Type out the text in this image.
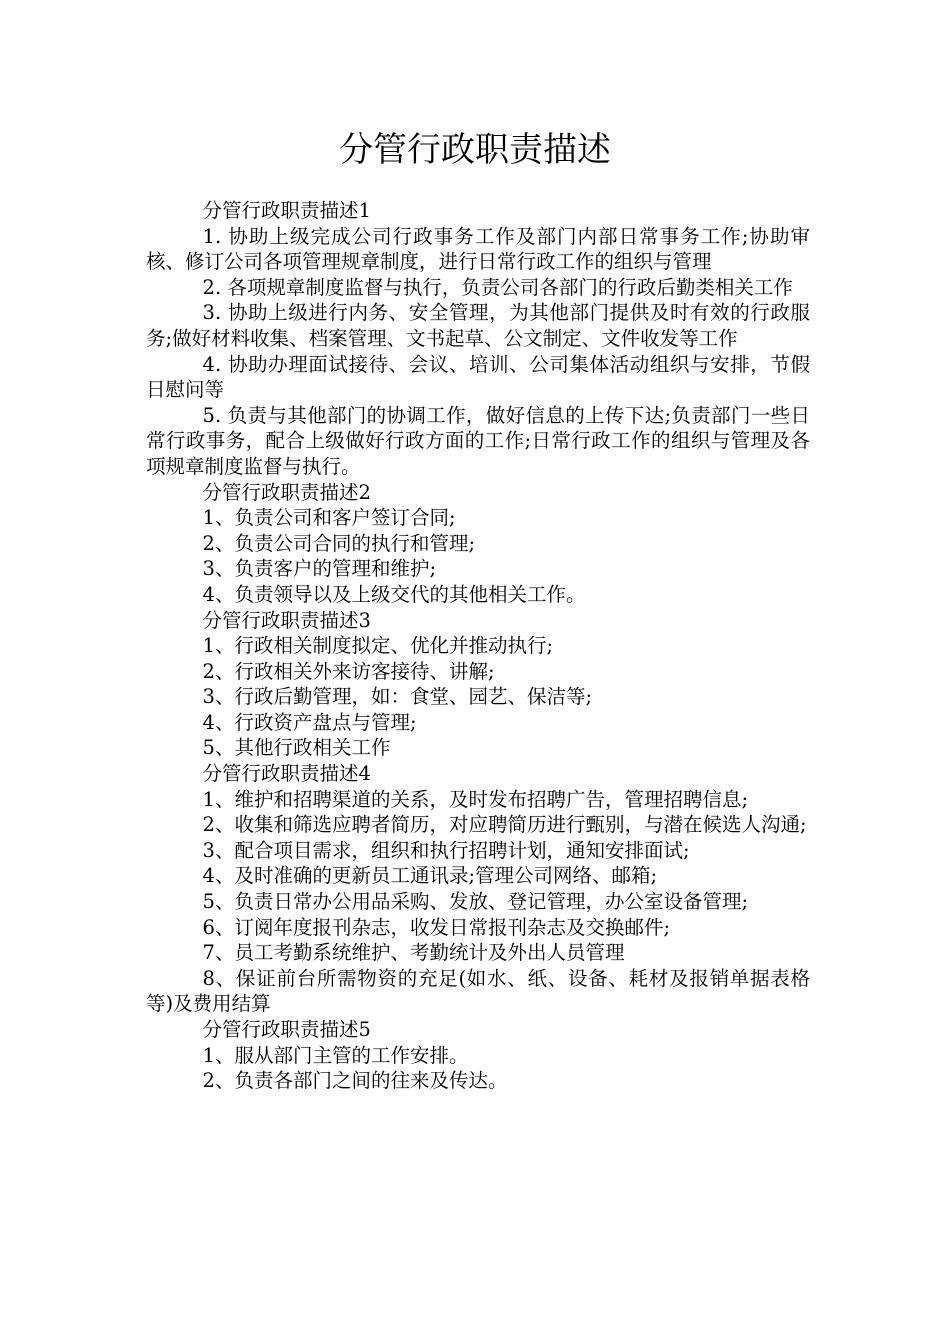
分管行政职责描述

分管行政职责描述1

1. 协助上级完成公司行政事务工作及部门内部日常事务工作;协助审核、修订公司各项管理规章制度，进行日常行政工作的组织与管理

2. 各项规章制度监督与执行，负责公司各部门的行政后勤类相关工作

3. 协助上级进行内务、安全管理，为其他部门提供及时有效的行政服务;做好材料收集、档案管理、文书起草、公文制定、文件收发等工作

4. 协助办理面试接待、会议、培训、公司集体活动组织与安排，节假日慰问等

5. 负责与其他部门的协调工作，做好信息的上传下达;负责部门一些日常行政事务，配合上级做好行政方面的工作;日常行政工作的组织与管理及各项规章制度监督与执行。

分管行政职责描述2

1、负责公司和客户签订合同;

2、负责公司合同的执行和管理;

3、负责客户的管理和维护;

4、负责领导以及上级交代的其他相关工作。

分管行政职责描述3

1、行政相关制度拟定、优化并推动执行;

2、行政相关外来访客接待、讲解;

3、行政后勤管理，如：食堂、园艺、保洁等;

4、行政资产盘点与管理;

5、其他行政相关工作

分管行政职责描述4

1、维护和招聘渠道的关系，及时发布招聘广告，管理招聘信息;

2、收集和筛选应聘者简历，对应聘简历进行甄别，与潜在候选人沟通;

3、配合项目需求，组织和执行招聘计划，通知安排面试;

4、及时准确的更新员工通讯录;管理公司网络、邮箱;

5、负责日常办公用品采购、发放、登记管理，办公室设备管理;

6、订阅年度报刊杂志，收发日常报刊杂志及交换邮件;

7、员工考勤系统维护、考勤统计及外出人员管理

8、保证前台所需物资的充足(如水、纸、设备、耗材及报销单据表格等)及费用结算

分管行政职责描述5

1、服从部门主管的工作安排。

2、负责各部门之间的往来及传达。
